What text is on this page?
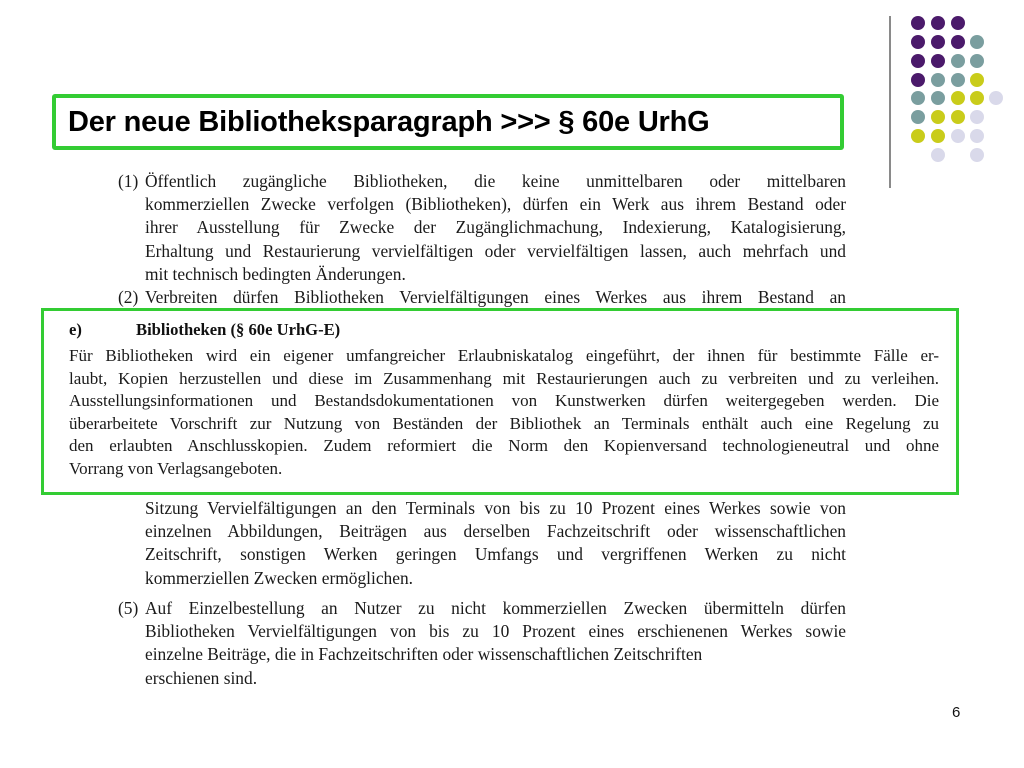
Der neue Bibliotheksparagraph >>> § 60e UrhG
(1) Öffentlich zugängliche Bibliotheken, die keine unmittelbaren oder mittelbaren
kommerziellen Zwecke verfolgen (Bibliotheken), dürfen ein Werk aus ihrem Bestand oder
ihrer Ausstellung für Zwecke der Zugänglichmachung, Indexierung, Katalogisierung,
Erhaltung und Restaurierung vervielfältigen oder vervielfältigen lassen, auch mehrfach und
mit technisch bedingten Änderungen.
(2) Verbreiten dürfen Bibliotheken Vervielfältigungen eines Werkes aus ihrem Bestand an
Sitzung Vervielfältigungen an den Terminals von bis zu 10 Prozent eines Werkes sowie von
einzelnen Abbildungen, Beiträgen aus derselben Fachzeitschrift oder wissenschaftlichen
Zeitschrift, sonstigen Werken geringen Umfangs und vergriffenen Werken zu nicht
kommerziellen Zwecken ermöglichen.
(5) Auf Einzelbestellung an Nutzer zu nicht kommerziellen Zwecken übermitteln dürfen
Bibliotheken Vervielfältigungen von bis zu 10 Prozent eines erschienenen Werkes sowie
einzelne Beiträge, die in Fachzeitschriften oder wissenschaftlichen Zeitschriften
erschienen sind.
e)	Bibliotheken (§ 60e UrhG-E)
Für Bibliotheken wird ein eigener umfangreicher Erlaubniskatalog eingeführt, der ihnen für bestimmte Fälle er-
laubt, Kopien herzustellen und diese im Zusammenhang mit Restaurierungen auch zu verbreiten und zu verleihen.
Ausstellungsinformationen und Bestandsdokumentationen von Kunstwerken dürfen weitergegeben werden. Die
überarbeitete Vorschrift zur Nutzung von Beständen der Bibliothek an Terminals enthält auch eine Regelung zu
den erlaubten Anschlusskopien. Zudem reformiert die Norm den Kopienversand technologieneutral und ohne
Vorrang von Verlagsangeboten.
6
